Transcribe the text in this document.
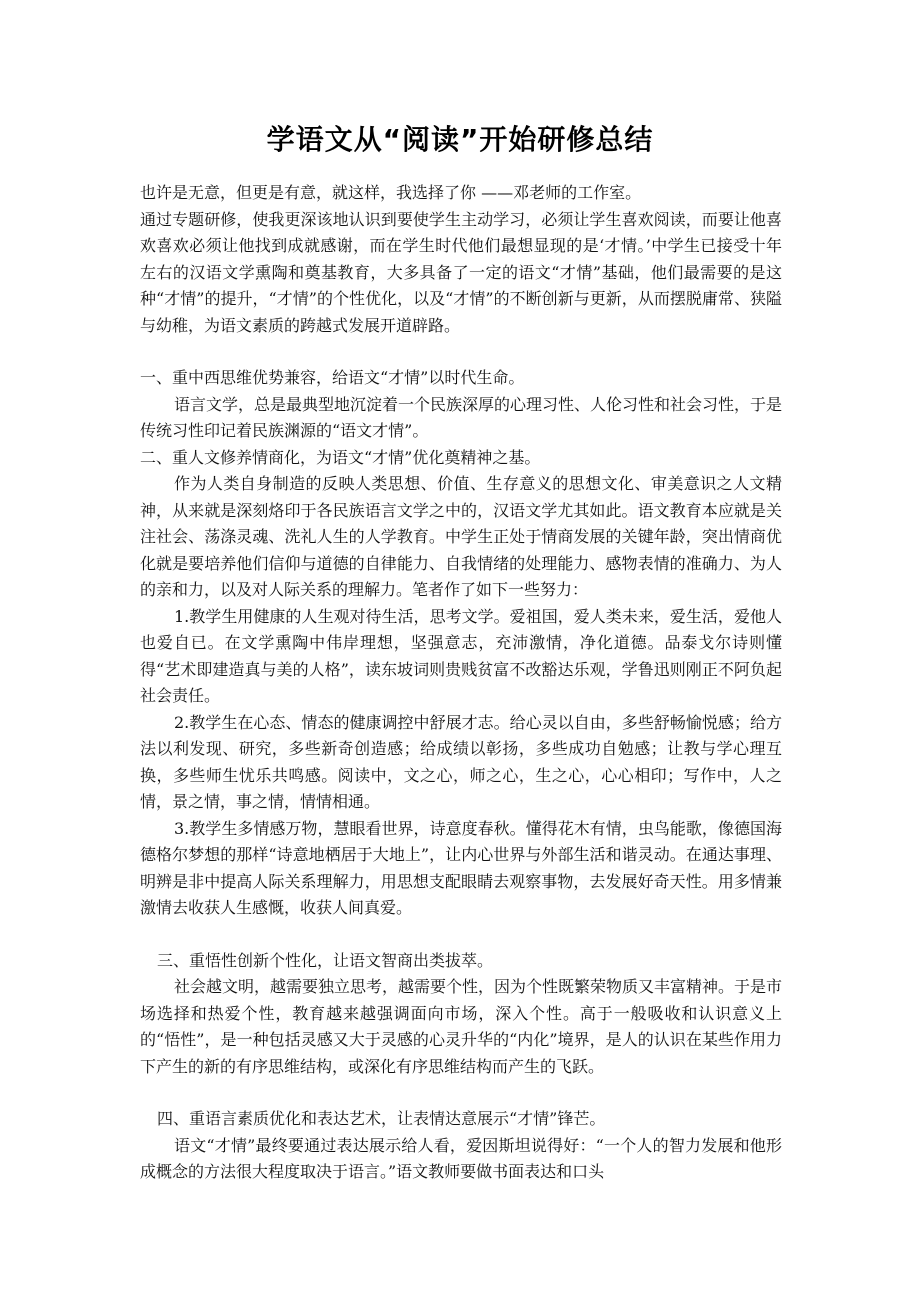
学语文从“阅读”开始研修总结

也许是无意，但更是有意，就这样，我选择了你 ——邓老师的工作室。

通过专题研修，使我更深该地认识到要使学生主动学习，必须让学生喜欢阅读，而要让他喜欢喜欢必须让他找到成就感谢，而在学生时代他们最想显现的是‘才情。’中学生已接受十年左右的汉语文学熏陶和奠基教育，大多具备了一定的语文“才情”基础，他们最需要的是这种“才情”的提升，“才情”的个性优化，以及“才情”的不断创新与更新，从而摆脱庸常、狭隘与幼稚，为语文素质的跨越式发展开道辟路。

一、重中西思维优势兼容，给语文“才情”以时代生命。

语言文学，总是最典型地沉淀着一个民族深厚的心理习性、人伦习性和社会习性，于是传统习性印记着民族渊源的“语文才情”。

二、重人文修养情商化，为语文“才情”优化奠精神之基。

作为人类自身制造的反映人类思想、价值、生存意义的思想文化、审美意识之人文精神，从来就是深刻烙印于各民族语言文学之中的，汉语文学尤其如此。语文教育本应就是关注社会、荡涤灵魂、洗礼人生的人学教育。中学生正处于情商发展的关键年龄，突出情商优化就是要培养他们信仰与道德的自律能力、自我情绪的处理能力、感物表情的准确力、为人的亲和力，以及对人际关系的理解力。笔者作了如下一些努力：

1.教学生用健康的人生观对待生活，思考文学。爱祖国，爱人类未来，爱生活，爱他人也爱自已。在文学熏陶中伟岸理想，坚强意志，充沛激情，净化道德。品泰戈尔诗则懂得“艺术即建造真与美的人格”，读东坡词则贵贱贫富不改豁达乐观，学鲁迅则刚正不阿负起社会责任。

2.教学生在心态、情态的健康调控中舒展才志。给心灵以自由，多些舒畅愉悦感；给方法以利发现、研究，多些新奇创造感；给成绩以彰扬，多些成功自勉感；让教与学心理互换，多些师生忧乐共鸣感。阅读中，文之心，师之心，生之心，心心相印；写作中，人之情，景之情，事之情，情情相通。

3.教学生多情感万物，慧眼看世界，诗意度春秋。懂得花木有情，虫鸟能歌，像德国海德格尔梦想的那样“诗意地栖居于大地上”，让内心世界与外部生活和谐灵动。在通达事理、明辨是非中提高人际关系理解力，用思想支配眼睛去观察事物，去发展好奇天性。用多情兼激情去收获人生感慨，收获人间真爱。

三、重悟性创新个性化，让语文智商出类拔萃。

社会越文明，越需要独立思考，越需要个性，因为个性既繁荣物质又丰富精神。于是市场选择和热爱个性，教育越来越强调面向市场，深入个性。高于一般吸收和认识意义上的“悟性”，是一种包括灵感又大于灵感的心灵升华的“内化”境界，是人的认识在某些作用力下产生的新的有序思维结构，或深化有序思维结构而产生的飞跃。

四、重语言素质优化和表达艺术，让表情达意展示“才情”锋芒。

语文“才情”最终要通过表达展示给人看，爱因斯坦说得好：“一个人的智力发展和他形成概念的方法很大程度取决于语言。”语文教师要做书面表达和口头
